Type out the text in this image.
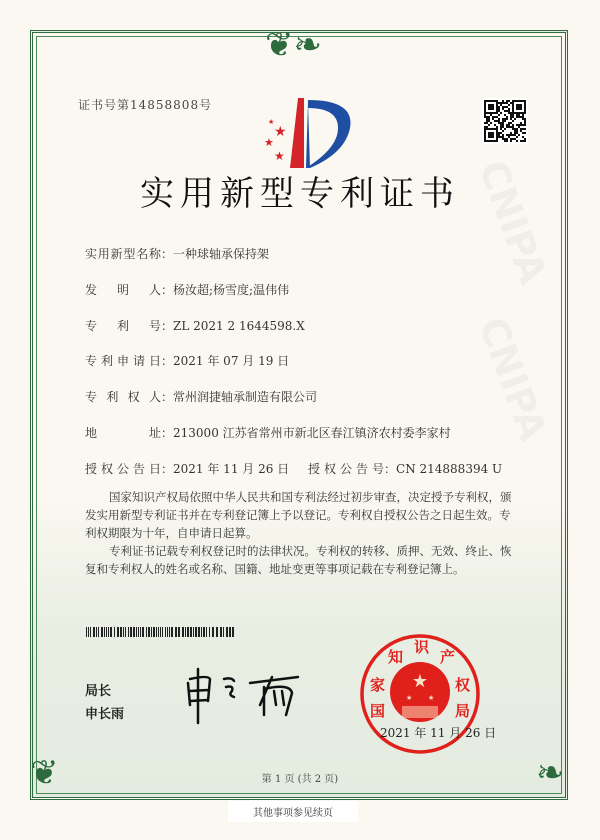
❦❧
❦	❧
证书号第14858808号
★
★
★
★
实用新型专利证书
实用新型名称：一种球轴承保持架
发明人：杨汝超;杨雪度;温伟伟
专利号：ZL 2021 2 1644598.X
专利申请日：2021 年 07 月 19 日
专利权人：常州润捷轴承制造有限公司
地址：213000 江苏省常州市新北区春江镇济农村委李家村
授权公告日：2021 年 11 月 26 日 授权公告号：CN 214888394 U

国家知识产权局依照中华人民共和国专利法经过初步审查，决定授予专利权，颁发实用新型专利证书并在专利登记簿上予以登记。专利权自授权公告之日起生效。专利权期限为十年，自申请日起算。

专利证书记载专利权登记时的法律状况。专利权的转移、质押、无效、终止、恢复和专利权人的姓名或名称、国籍、地址变更等事项记载在专利登记簿上。

局长
申长雨
★
★ ★
国
家
知
识
产
权
局
2021 年 11 月 26 日
第 1 页 (共 2 页)
其他事项参见续页
